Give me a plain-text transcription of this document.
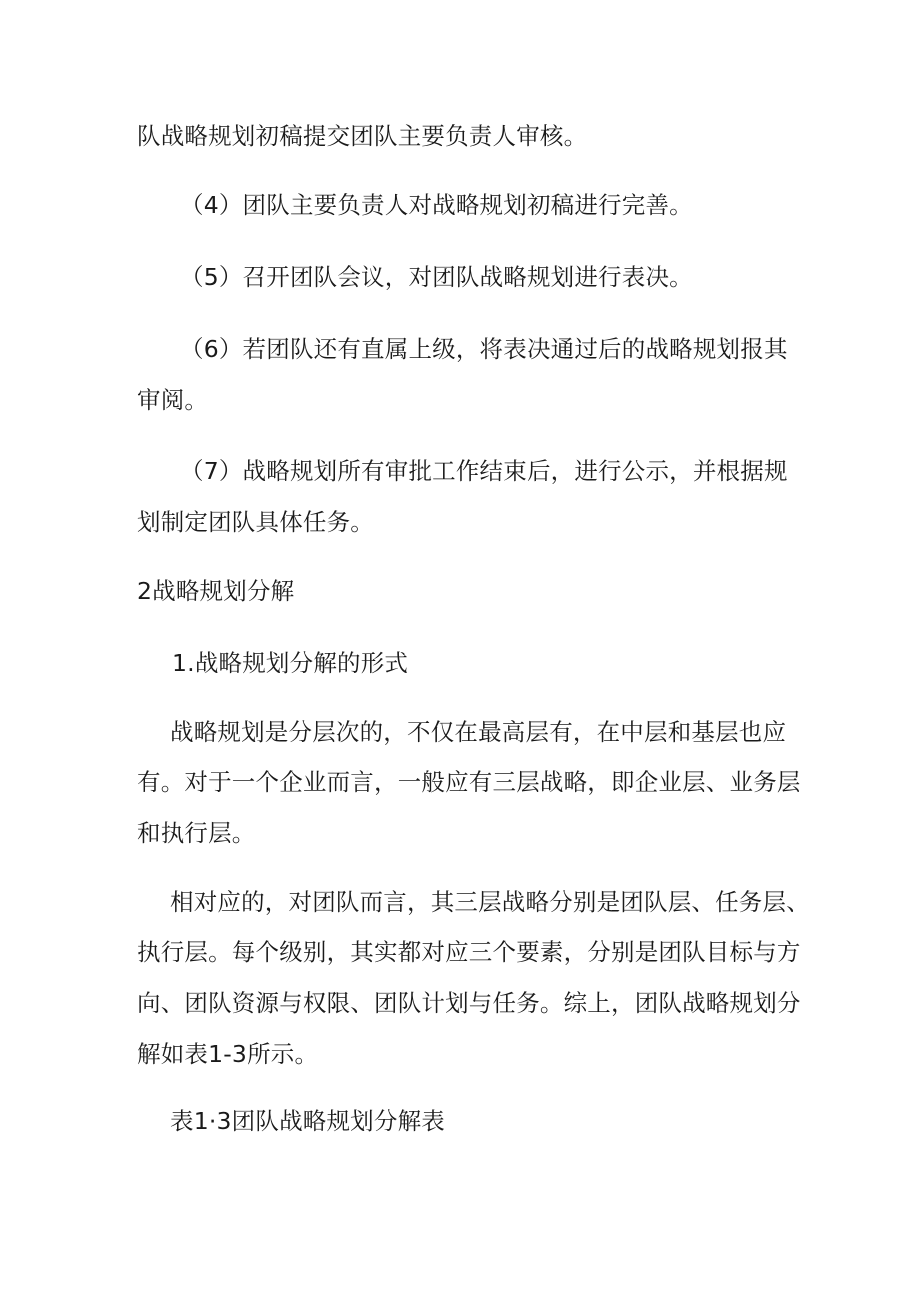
队战略规划初稿提交团队主要负责人审核。
（4）团队主要负责人对战略规划初稿进行完善。
（5）召开团队会议，对团队战略规划进行表决。
（6）若团队还有直属上级，将表决通过后的战略规划报其
审阅。
（7）战略规划所有审批工作结束后，进行公示，并根据规
划制定团队具体任务。
2战略规划分解
1.战略规划分解的形式
战略规划是分层次的，不仅在最高层有，在中层和基层也应
有。对于一个企业而言，一般应有三层战略，即企业层、业务层
和执行层。
相对应的，对团队而言，其三层战略分别是团队层、任务层、
执行层。每个级别，其实都对应三个要素，分别是团队目标与方
向、团队资源与权限、团队计划与任务。综上，团队战略规划分
解如表1-3所示。
表1·3团队战略规划分解表
